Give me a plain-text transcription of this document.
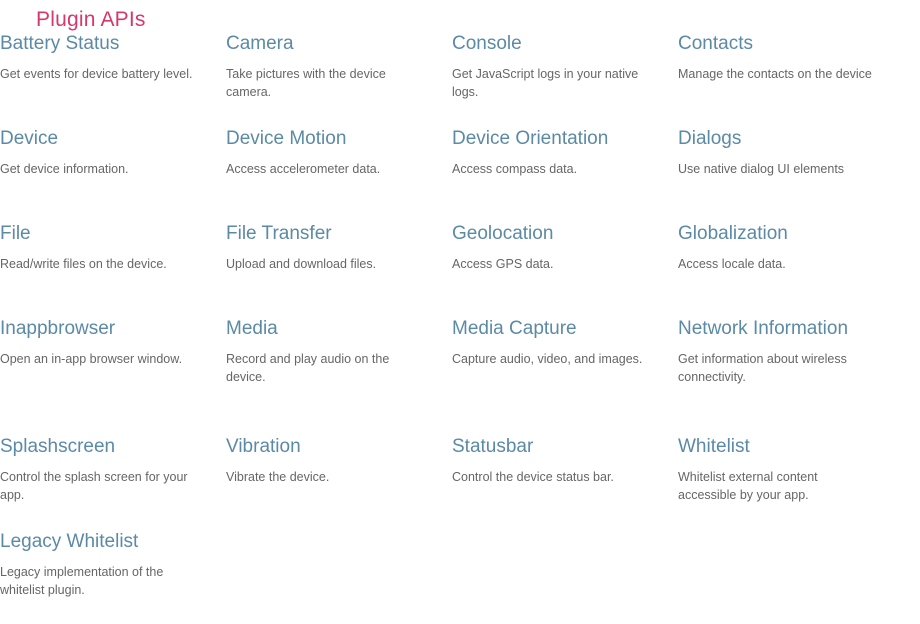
Plugin APIs
Battery Status

Get events for device battery level.

Camera

Take pictures with the device camera.

Console

Get JavaScript logs in your native logs.

Contacts

Manage the contacts on the device

Device

Get device information.

Device Motion

Access accelerometer data.

Device Orientation

Access compass data.

Dialogs

Use native dialog UI elements

File

Read/write files on the device.

File Transfer

Upload and download files.

Geolocation

Access GPS data.

Globalization

Access locale data.

Inappbrowser

Open an in-app browser window.

Media

Record and play audio on the device.

Media Capture

Capture audio, video, and images.

Network Information

Get information about wireless connectivity.

Splashscreen

Control the splash screen for your app.

Vibration

Vibrate the device.

Statusbar

Control the device status bar.

Whitelist

Whitelist external content accessible by your app.

Legacy Whitelist

Legacy implementation of the whitelist plugin.
